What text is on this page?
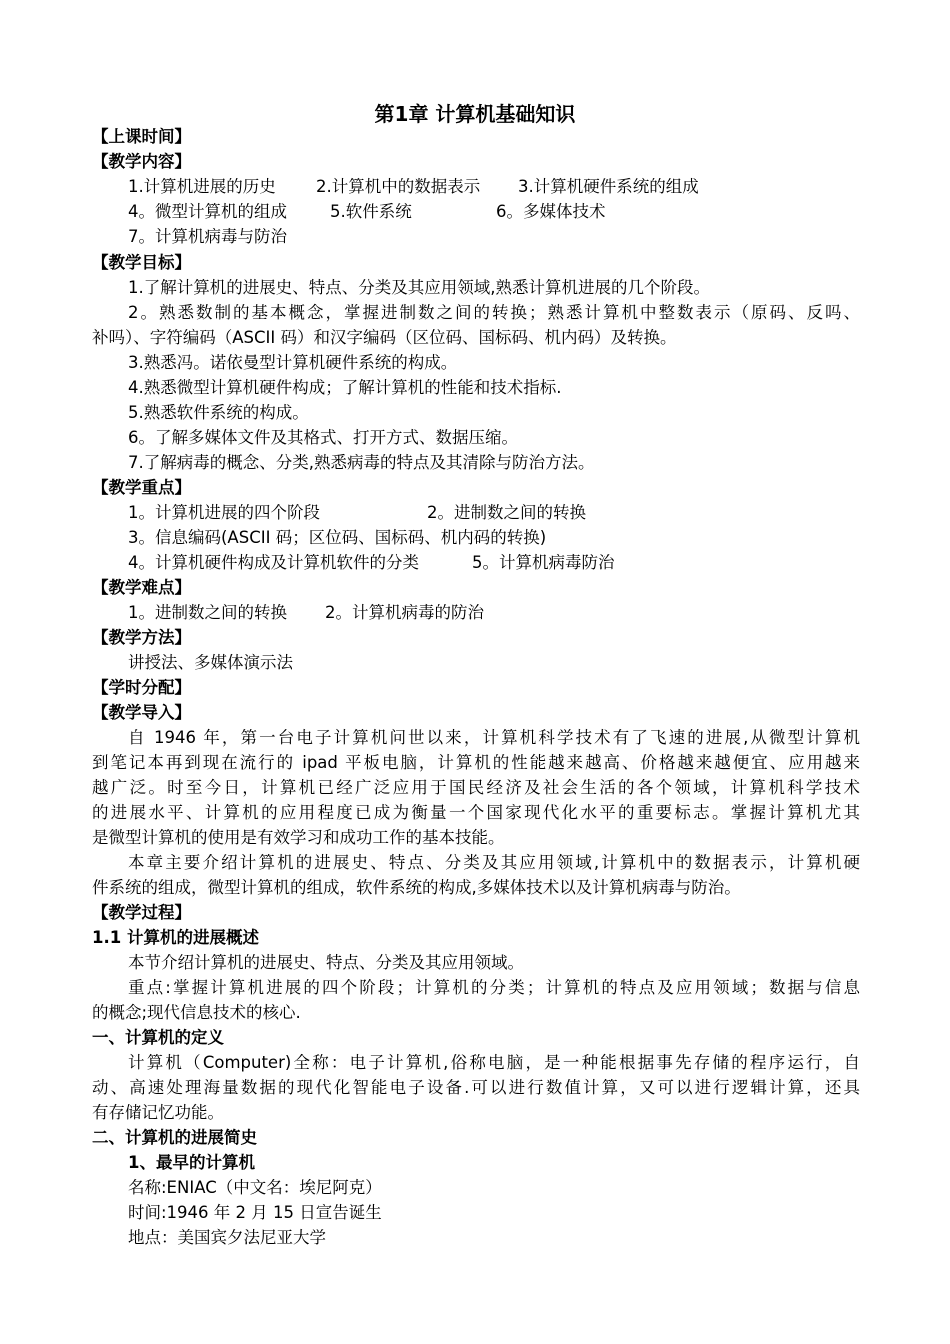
第1章 计算机基础知识
【上课时间】
【教学内容】
1.计算机进展的历史 2.计算机中的数据表示 3.计算机硬件系统的组成
4。微型计算机的组成	5.软件系统	6。多媒体技术
7。计算机病毒与防治
【教学目标】
1.了解计算机的进展史、特点、分类及其应用领域,熟悉计算机进展的几个阶段。
2。熟悉数制的基本概念，掌握进制数之间的转换；熟悉计算机中整数表示（原码、反吗、
补吗）、字符编码（ASCII 码）和汉字编码（区位码、国标码、机内码）及转换。
3.熟悉冯。诺依曼型计算机硬件系统的构成。
4.熟悉微型计算机硬件构成；了解计算机的性能和技术指标.
5.熟悉软件系统的构成。
6。了解多媒体文件及其格式、打开方式、数据压缩。
7.了解病毒的概念、分类,熟悉病毒的特点及其清除与防治方法。
【教学重点】
1。计算机进展的四个阶段	2。进制数之间的转换
3。信息编码(ASCII 码；区位码、国标码、机内码的转换)
4。计算机硬件构成及计算机软件的分类	5。计算机病毒防治
【教学难点】
1。进制数之间的转换 2。计算机病毒的防治
【教学方法】
讲授法、多媒体演示法
【学时分配】
【教学导入】
自 1946 年，第一台电子计算机问世以来，计算机科学技术有了飞速的进展,从微型计算机
到笔记本再到现在流行的 ipad 平板电脑，计算机的性能越来越高、价格越来越便宜、应用越来
越广泛。时至今日，计算机已经广泛应用于国民经济及社会生活的各个领域，计算机科学技术
的进展水平、计算机的应用程度已成为衡量一个国家现代化水平的重要标志。掌握计算机尤其
是微型计算机的使用是有效学习和成功工作的基本技能。
本章主要介绍计算机的进展史、特点、分类及其应用领域,计算机中的数据表示，计算机硬
件系统的组成，微型计算机的组成，软件系统的构成,多媒体技术以及计算机病毒与防治。
【教学过程】
1.1 计算机的进展概述
本节介绍计算机的进展史、特点、分类及其应用领域。
重点:掌握计算机进展的四个阶段；计算机的分类；计算机的特点及应用领域；数据与信息
的概念;现代信息技术的核心.
一、计算机的定义
计算机（Computer)全称：电子计算机,俗称电脑，是一种能根据事先存储的程序运行，自
动、高速处理海量数据的现代化智能电子设备.可以进行数值计算，又可以进行逻辑计算，还具
有存储记忆功能。
二、计算机的进展简史
1、最早的计算机
名称:ENIAC（中文名：埃尼阿克）
时间:1946 年 2 月 15 日宣告诞生
地点：美国宾夕法尼亚大学
